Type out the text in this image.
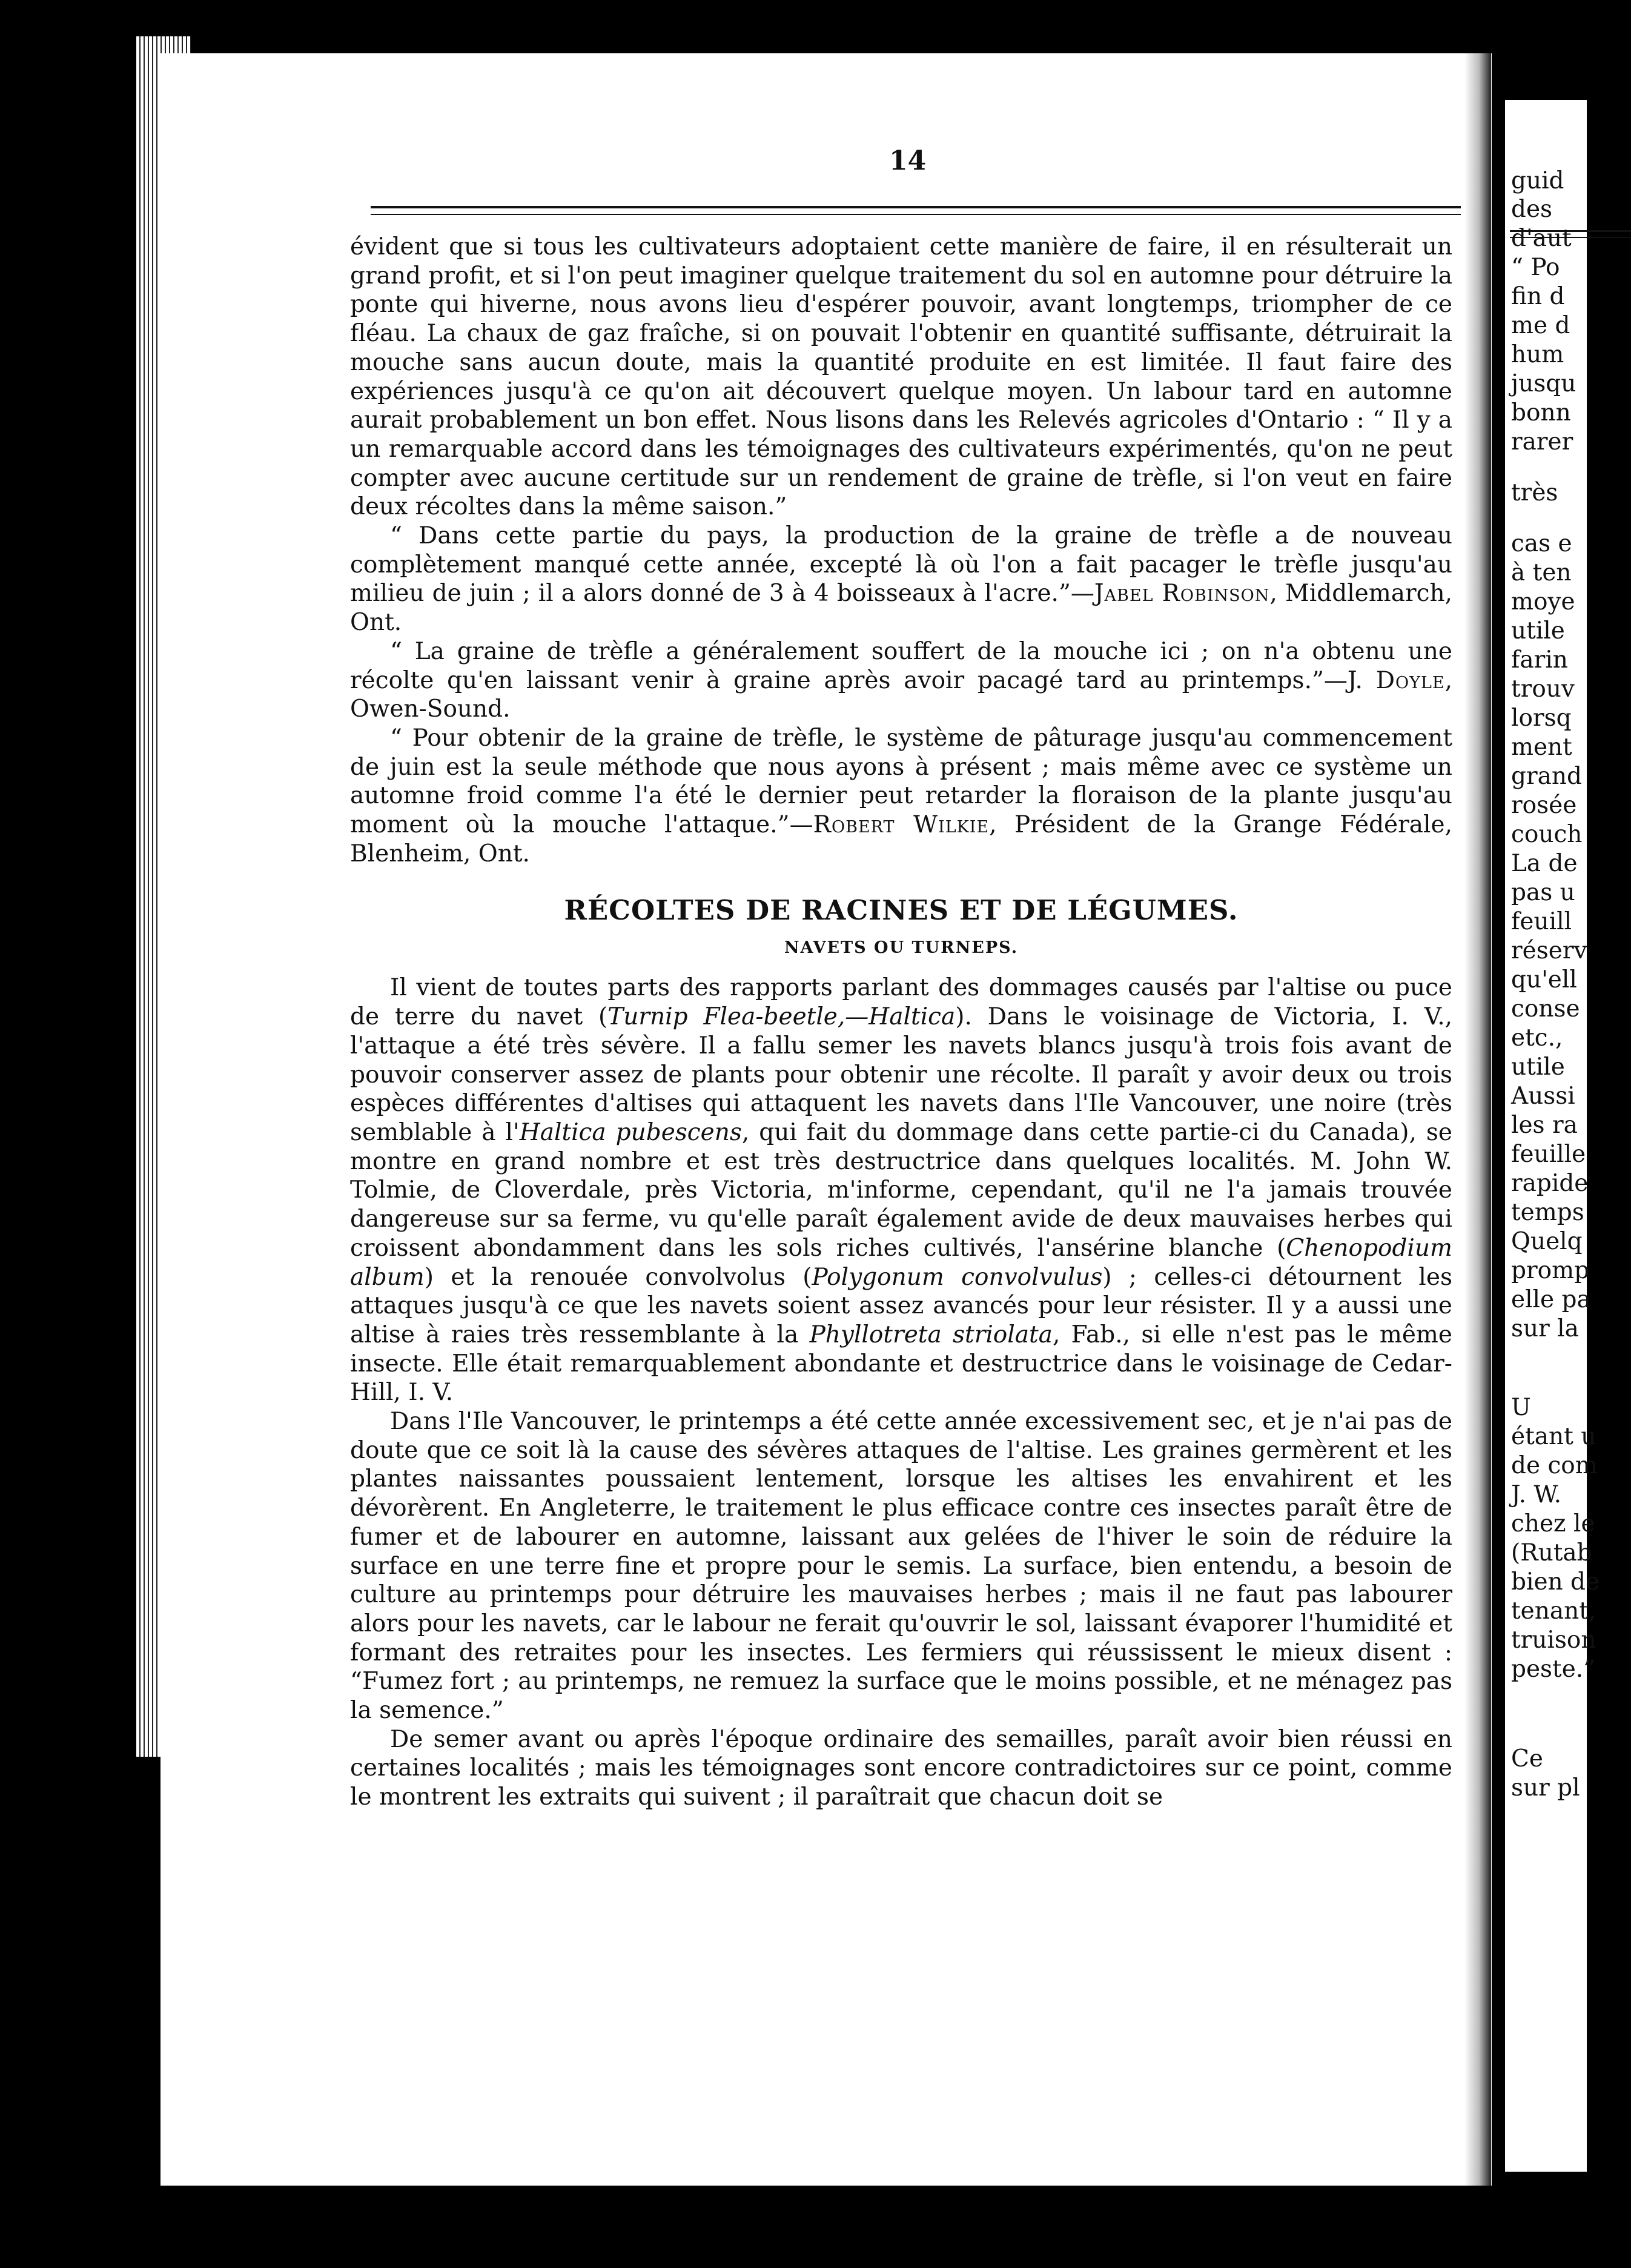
14

évident que si tous les cultivateurs adoptaient cette manière de faire, il en résulterait un grand profit, et si l'on peut imaginer quelque traitement du sol en automne pour détruire la ponte qui hiverne, nous avons lieu d'espérer pouvoir, avant longtemps, triompher de ce fléau. La chaux de gaz fraîche, si on pouvait l'obtenir en quantité suffisante, détruirait la mouche sans aucun doute, mais la quantité produite en est limitée. Il faut faire des expériences jusqu'à ce qu'on ait découvert quelque moyen. Un labour tard en automne aurait probablement un bon effet. Nous lisons dans les Relevés agricoles d'Ontario : “ Il y a un remarquable accord dans les témoignages des cultivateurs expérimentés, qu'on ne peut compter avec aucune certitude sur un rendement de graine de trèfle, si l'on veut en faire deux récoltes dans la même saison.”

“ Dans cette partie du pays, la production de la graine de trèfle a de nouveau complètement manqué cette année, excepté là où l'on a fait pacager le trèfle jusqu'au milieu de juin ; il a alors donné de 3 à 4 boisseaux à l'acre.”—Jabel Robinson, Middlemarch, Ont.

“ La graine de trèfle a généralement souffert de la mouche ici ; on n'a obtenu une récolte qu'en laissant venir à graine après avoir pacagé tard au printemps.”—J. Doyle, Owen-Sound.

“ Pour obtenir de la graine de trèfle, le système de pâturage jusqu'au commencement de juin est la seule méthode que nous ayons à présent ; mais même avec ce système un automne froid comme l'a été le dernier peut retarder la floraison de la plante jusqu'au moment où la mouche l'attaque.”—Robert Wilkie, Président de la Grange Fédérale, Blenheim, Ont.

RÉCOLTES DE RACINES ET DE LÉGUMES.
NAVETS OU TURNEPS.

Il vient de toutes parts des rapports parlant des dommages causés par l'altise ou puce de terre du navet (Turnip Flea-beetle,—Haltica). Dans le voisinage de Victoria, I. V., l'attaque a été très sévère. Il a fallu semer les navets blancs jusqu'à trois fois avant de pouvoir conserver assez de plants pour obtenir une récolte. Il paraît y avoir deux ou trois espèces différentes d'altises qui attaquent les navets dans l'Ile Vancouver, une noire (très semblable à l'Haltica pubescens, qui fait du dommage dans cette partie-ci du Canada), se montre en grand nombre et est très destructrice dans quelques localités. M. John W. Tolmie, de Cloverdale, près Victoria, m'informe, cependant, qu'il ne l'a jamais trouvée dangereuse sur sa ferme, vu qu'elle paraît également avide de deux mauvaises herbes qui croissent abondamment dans les sols riches cultivés, l'ansérine blanche (Chenopodium album) et la renouée convolvolus (Polygonum convolvulus) ; celles-ci détournent les attaques jusqu'à ce que les navets soient assez avancés pour leur résister. Il y a aussi une altise à raies très ressemblante à la Phyllotreta striolata, Fab., si elle n'est pas le même insecte. Elle était remarquablement abondante et destructrice dans le voisinage de Cedar-Hill, I. V.

Dans l'Ile Vancouver, le printemps a été cette année excessivement sec, et je n'ai pas de doute que ce soit là la cause des sévères attaques de l'altise. Les graines germèrent et les plantes naissantes poussaient lentement, lorsque les altises les envahirent et les dévorèrent. En Angleterre, le traitement le plus efficace contre ces insectes paraît être de fumer et de labourer en automne, laissant aux gelées de l'hiver le soin de réduire la surface en une terre fine et propre pour le semis. La surface, bien entendu, a besoin de culture au printemps pour détruire les mauvaises herbes ; mais il ne faut pas labourer alors pour les navets, car le labour ne ferait qu'ouvrir le sol, laissant évaporer l'humidité et formant des retraites pour les insectes. Les fermiers qui réussissent le mieux disent : “Fumez fort ; au printemps, ne remuez la surface que le moins possible, et ne ménagez pas la semence.”

De semer avant ou après l'époque ordinaire des semailles, paraît avoir bien réussi en certaines localités ; mais les témoignages sont encore contradictoires sur ce point, comme le montrent les extraits qui suivent ; il paraîtrait que chacun doit se

guid
des
d'aut
“ Po
fin d
me d
hum
jusqu
bonn
rarer
très
cas e
à ten
moye
utile
farin
trouv
lorsq
ment
grand
rosée
couch
La de
pas u
feuill
réserv
qu'ell
conse
etc.,
utile
Aussi
les ra
feuille
rapide
temps
Quelq
promp
elle pa
sur la
U
étant u
de com
J. W.
chez le
(Rutab
bien de
tenant,
truison
peste.”
Ce
sur pl
